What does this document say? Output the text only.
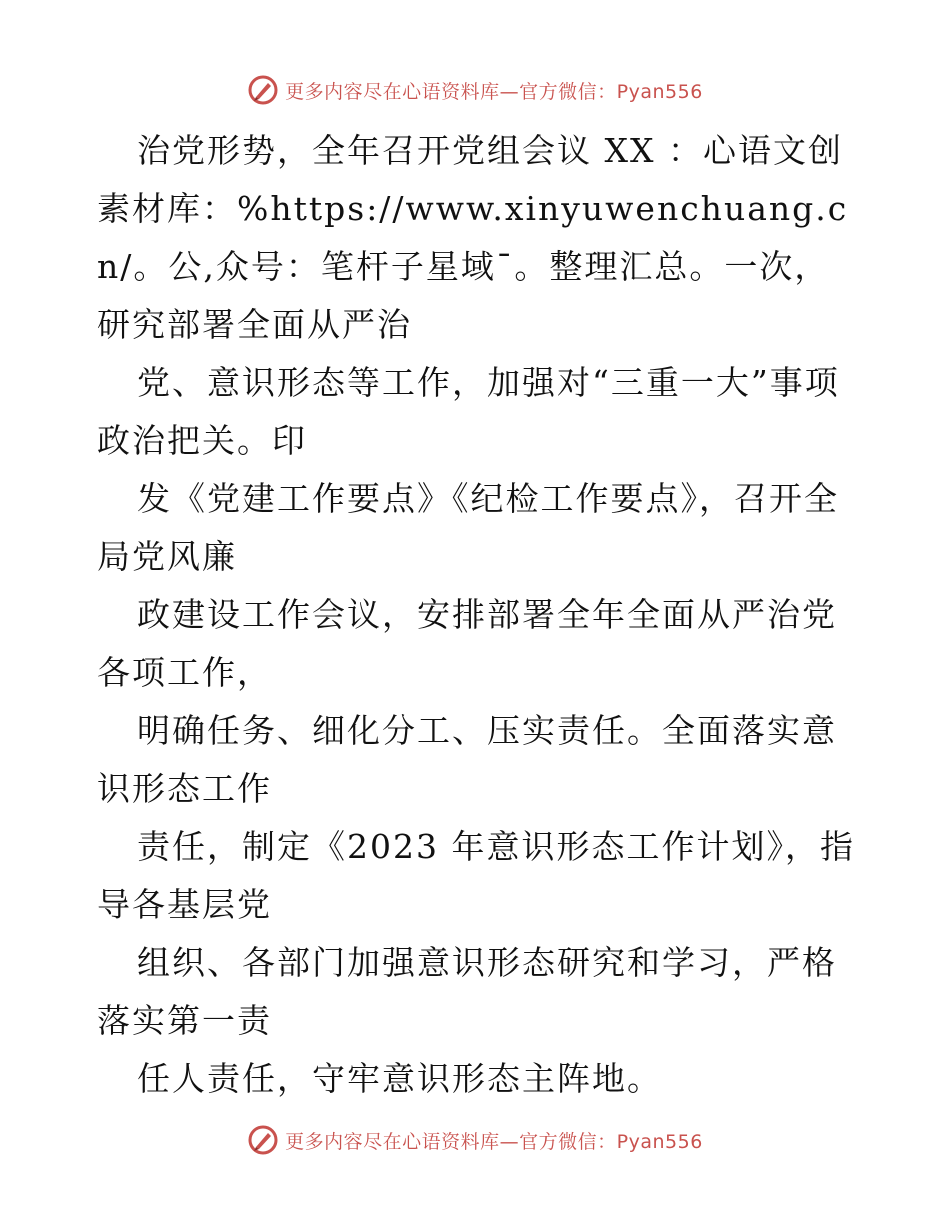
更多内容尽在心语资料库—官方微信：Pyan556

治党形势，全年召开党组会议 XX ：心语文创素材库：%https://www.xinyuwenchuang.cn/。公,众号：笔杆子星域¯。整理汇总。一次，研究部署全面从严治

党、意识形态等工作，加强对“三重一大”事项政治把关。印

发《党建工作要点》《纪检工作要点》，召开全局党风廉

政建设工作会议，安排部署全年全面从严治党各项工作，

明确任务、细化分工、压实责任。全面落实意识形态工作

责任，制定《2023 年意识形态工作计划》，指导各基层党

组织、各部门加强意识形态研究和学习，严格落实第一责

任人责任，守牢意识形态主阵地。

更多内容尽在心语资料库—官方微信：Pyan556
